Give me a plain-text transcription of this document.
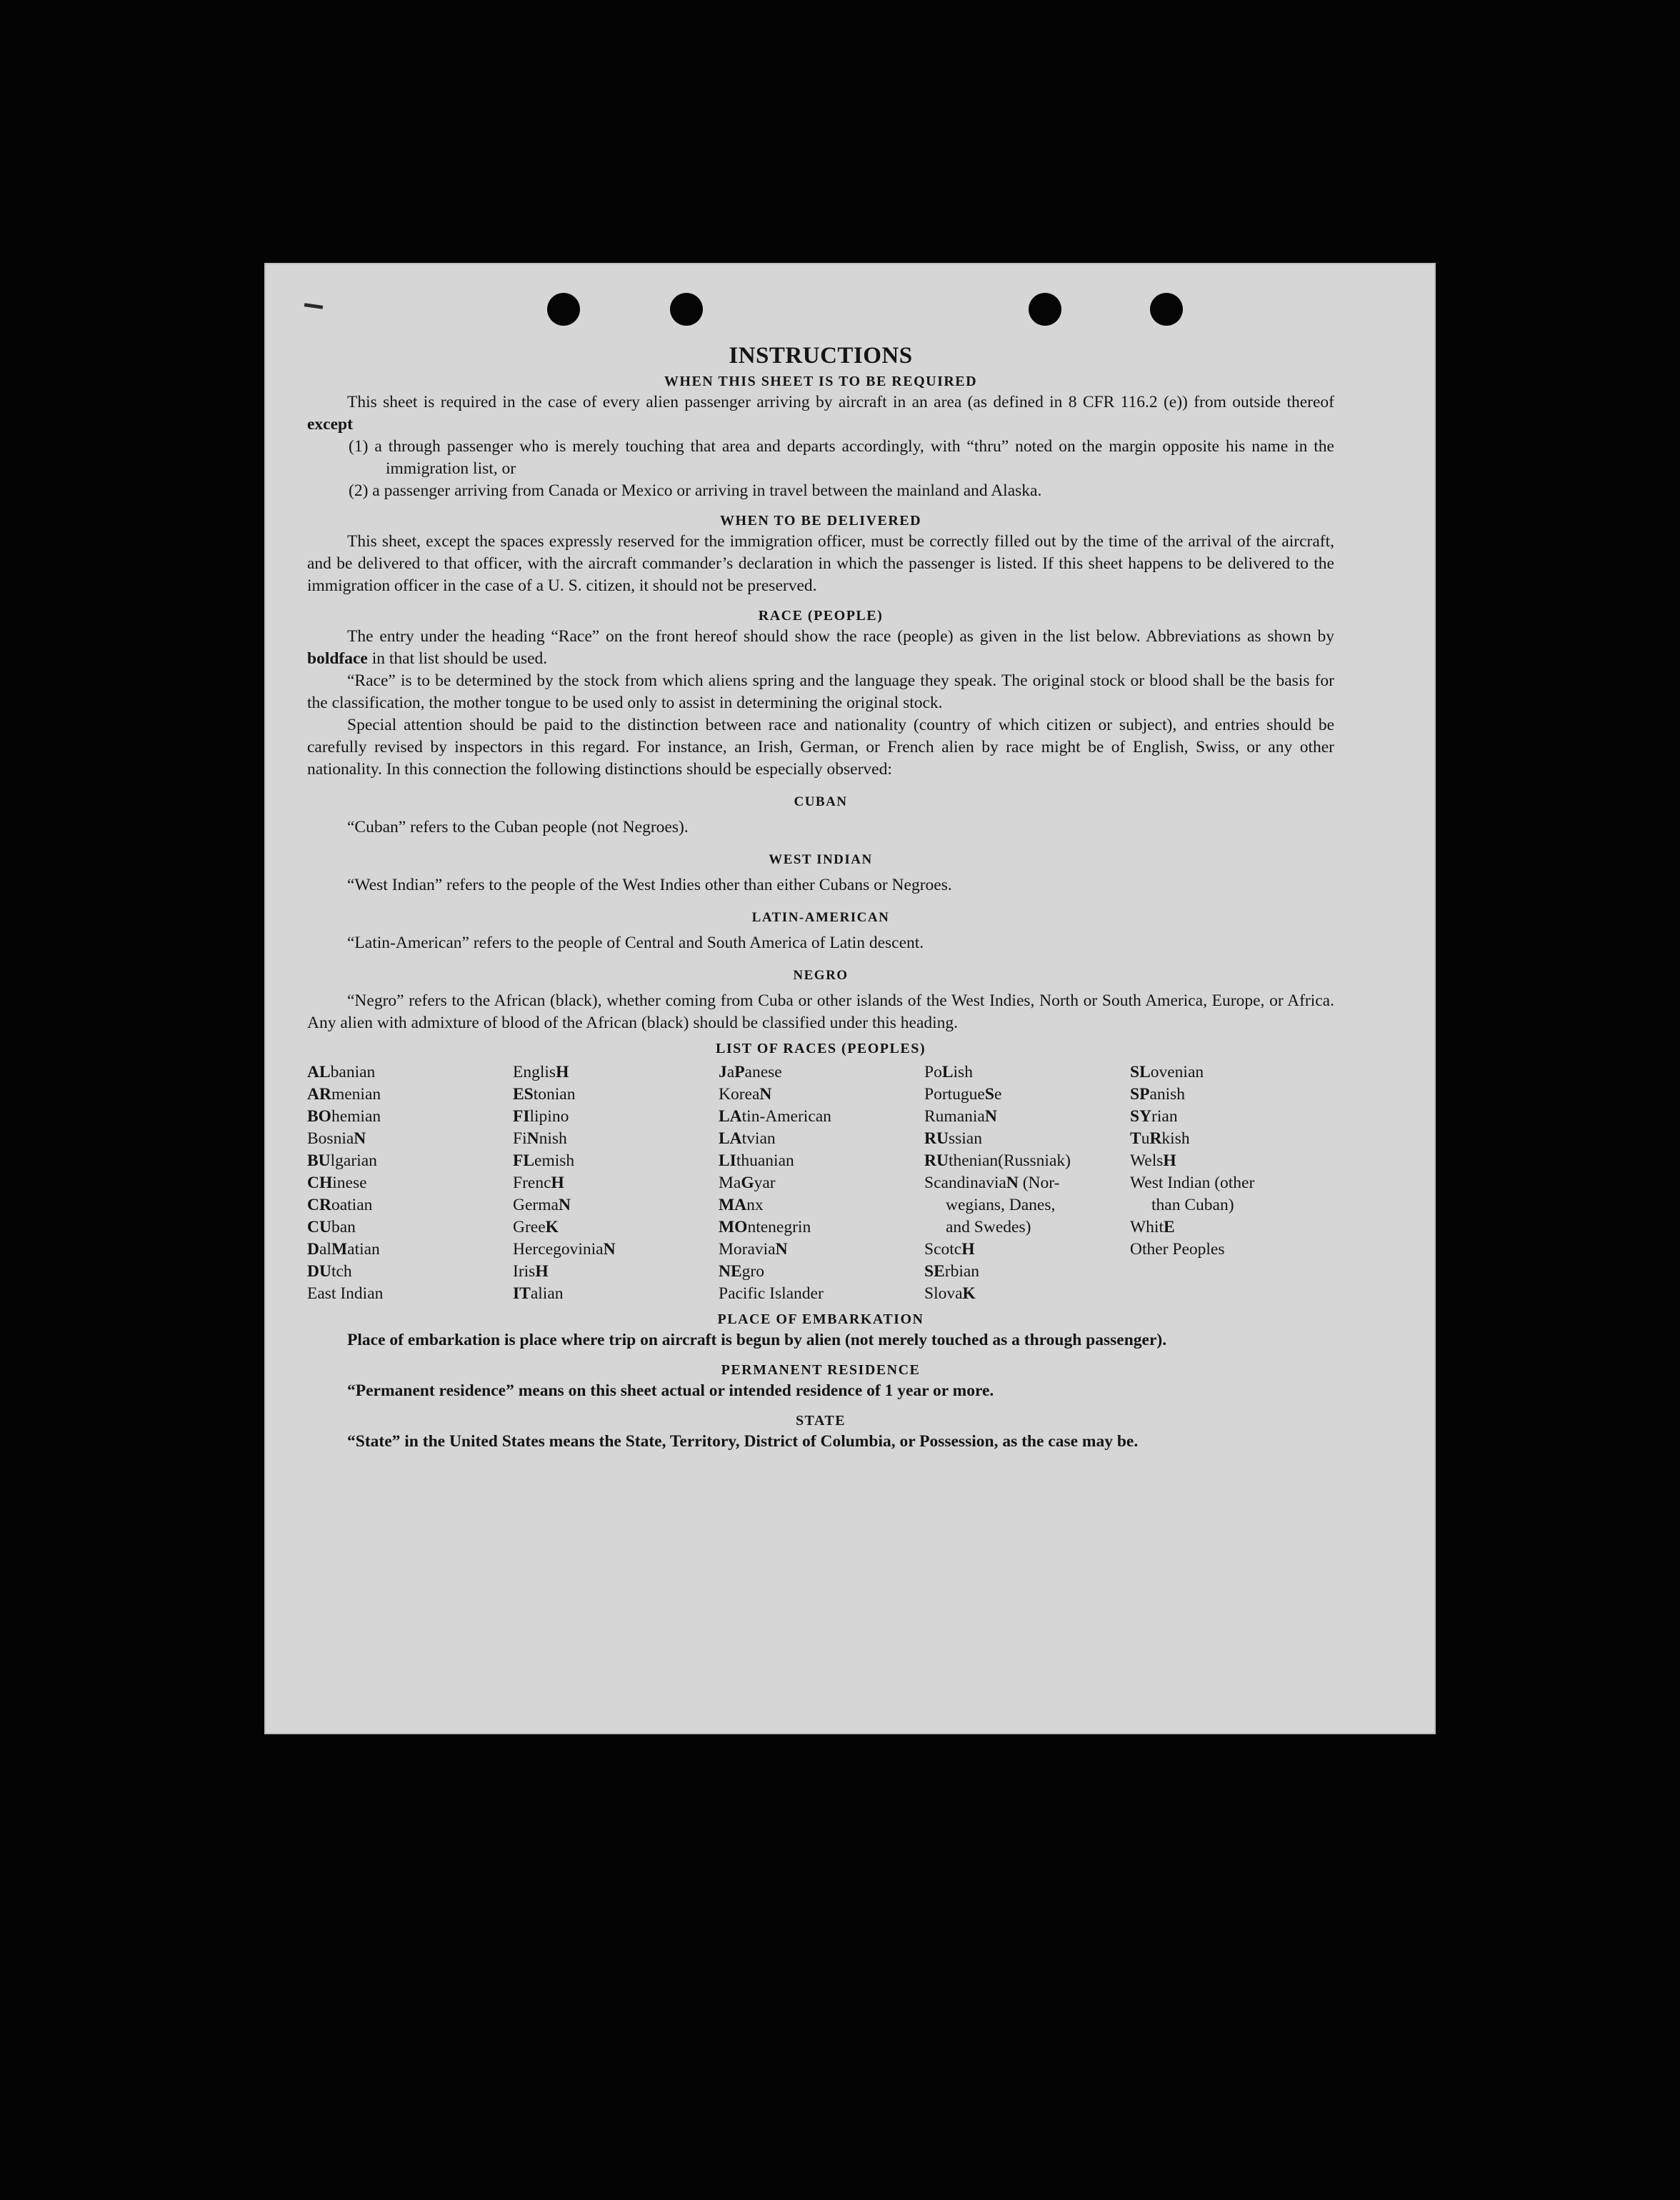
INSTRUCTIONS
WHEN THIS SHEET IS TO BE REQUIRED

This sheet is required in the case of every alien passenger arriving by aircraft in an area (as defined in 8 CFR 116.2 (e)) from outside thereof except

(1) a through passenger who is merely touching that area and departs accordingly, with “thru” noted on the margin opposite his name in the immigration list, or

(2) a passenger arriving from Canada or Mexico or arriving in travel between the mainland and Alaska.

WHEN TO BE DELIVERED

This sheet, except the spaces expressly reserved for the immigration officer, must be correctly filled out by the time of the arrival of the aircraft, and be delivered to that officer, with the aircraft commander’s declaration in which the passenger is listed. If this sheet happens to be delivered to the immigration officer in the case of a U. S. citizen, it should not be preserved.

RACE (PEOPLE)

The entry under the heading “Race” on the front hereof should show the race (people) as given in the list below. Abbreviations as shown by boldface in that list should be used.

“Race” is to be determined by the stock from which aliens spring and the language they speak. The original stock or blood shall be the basis for the classification, the mother tongue to be used only to assist in determining the original stock.

Special attention should be paid to the distinction between race and nationality (country of which citizen or subject), and entries should be carefully revised by inspectors in this regard. For instance, an Irish, German, or French alien by race might be of English, Swiss, or any other nationality. In this connection the following distinctions should be especially observed:

CUBAN

“Cuban” refers to the Cuban people (not Negroes).

WEST INDIAN

“West Indian” refers to the people of the West Indies other than either Cubans or Negroes.

LATIN-AMERICAN

“Latin-American” refers to the people of Central and South America of Latin descent.

NEGRO

“Negro” refers to the African (black), whether coming from Cuba or other islands of the West Indies, North or South America, Europe, or Africa. Any alien with admixture of blood of the African (black) should be classified under this heading.

LIST OF RACES (PEOPLES)
ALbanian
ARmenian
BOhemian
BosniaN
BUlgarian
CHinese
CRoatian
CUban
DalMatian
DUtch
East Indian
EnglisH
EStonian
FIlipino
FiNnish
FLemish
FrencH
GermaN
GreeK
HercegoviniaN
IrisH
ITalian
JaPanese
KoreaN
LAtin-American
LAtvian
LIthuanian
MaGyar
MAnx
MOntenegrin
MoraviaN
NEgro
Pacific Islander
PoLish
PortugueSe
RumaniaN
RUssian
RUthenian(Russniak)
ScandinaviaN (Nor-
wegians, Danes,
and Swedes)
ScotcH
SErbian
SlovaK
SLovenian
SPanish
SYrian
TuRkish
WelsH
West Indian (other
than Cuban)
WhitE
Other Peoples
PLACE OF EMBARKATION

Place of embarkation is place where trip on aircraft is begun by alien (not merely touched as a through passenger).

PERMANENT RESIDENCE

“Permanent residence” means on this sheet actual or intended residence of 1 year or more.

STATE

“State” in the United States means the State, Territory, District of Columbia, or Possession, as the case may be.
